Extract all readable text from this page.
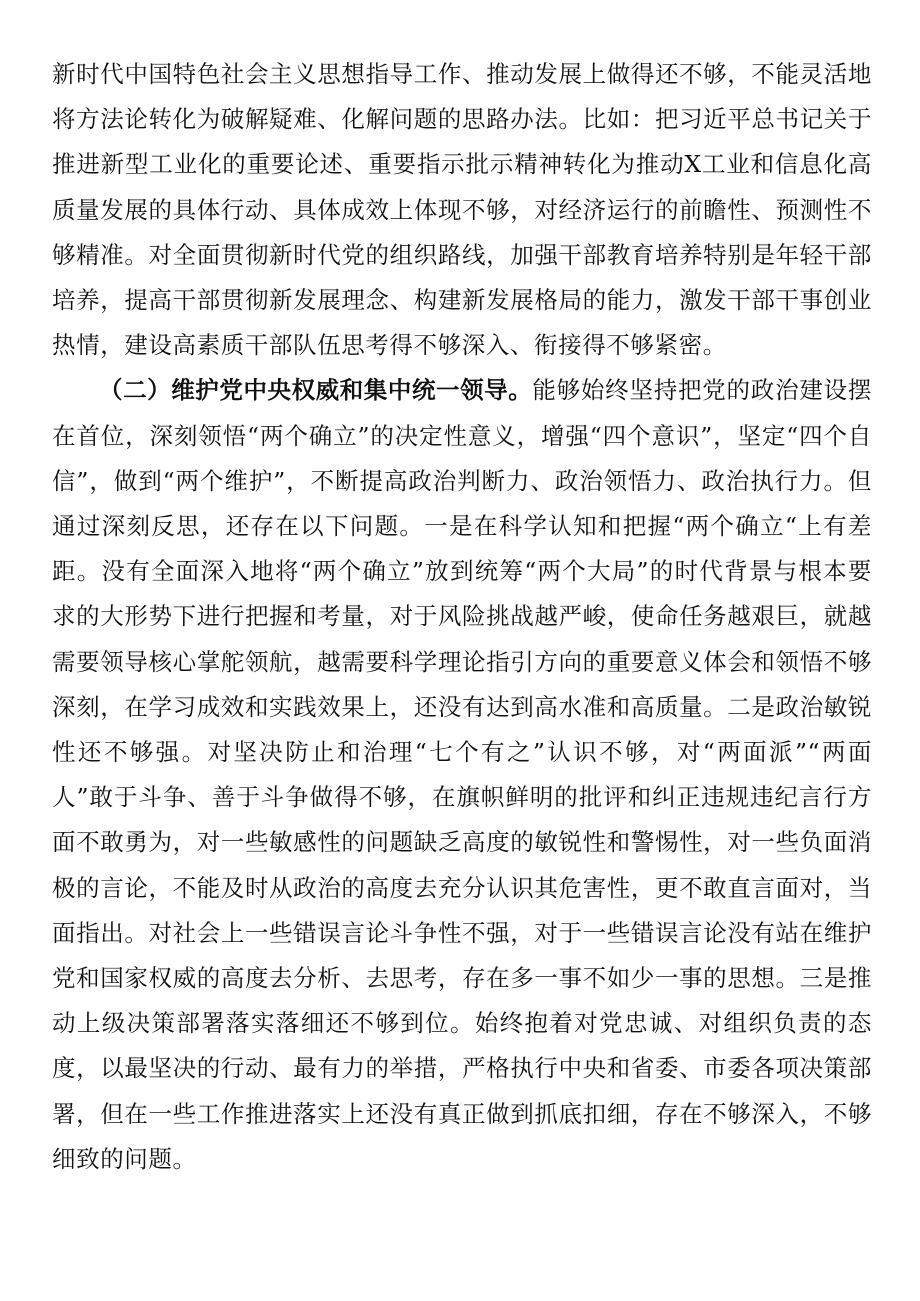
新时代中国特色社会主义思想指导工作、推动发展上做得还不够，不能灵活地将方法论转化为破解疑难、化解问题的思路办法。比如：把习近平总书记关于推进新型工业化的重要论述、重要指示批示精神转化为推动X工业和信息化高质量发展的具体行动、具体成效上体现不够，对经济运行的前瞻性、预测性不够精准。对全面贯彻新时代党的组织路线，加强干部教育培养特别是年轻干部培养，提高干部贯彻新发展理念、构建新发展格局的能力，激发干部干事创业热情，建设高素质干部队伍思考得不够深入、衔接得不够紧密。

（二）维护党中央权威和集中统一领导。能够始终坚持把党的政治建设摆在首位，深刻领悟“两个确立”的决定性意义，增强“四个意识”，坚定“四个自信”，做到“两个维护”，不断提高政治判断力、政治领悟力、政治执行力。但通过深刻反思，还存在以下问题。一是在科学认知和把握“两个确立“上有差距。没有全面深入地将“两个确立”放到统筹“两个大局”的时代背景与根本要求的大形势下进行把握和考量，对于风险挑战越严峻，使命任务越艰巨，就越需要领导核心掌舵领航，越需要科学理论指引方向的重要意义体会和领悟不够深刻，在学习成效和实践效果上，还没有达到高水准和高质量。二是政治敏锐性还不够强。对坚决防止和治理“七个有之”认识不够，对“两面派”“两面人”敢于斗争、善于斗争做得不够，在旗帜鲜明的批评和纠正违规违纪言行方面不敢勇为，对一些敏感性的问题缺乏高度的敏锐性和警惕性，对一些负面消极的言论，不能及时从政治的高度去充分认识其危害性，更不敢直言面对，当面指出。对社会上一些错误言论斗争性不强，对于一些错误言论没有站在维护党和国家权威的高度去分析、去思考，存在多一事不如少一事的思想。三是推动上级决策部署落实落细还不够到位。始终抱着对党忠诚、对组织负责的态度，以最坚决的行动、最有力的举措，严格执行中央和省委、市委各项决策部署，但在一些工作推进落实上还没有真正做到抓底扣细，存在不够深入，不够细致的问题。
